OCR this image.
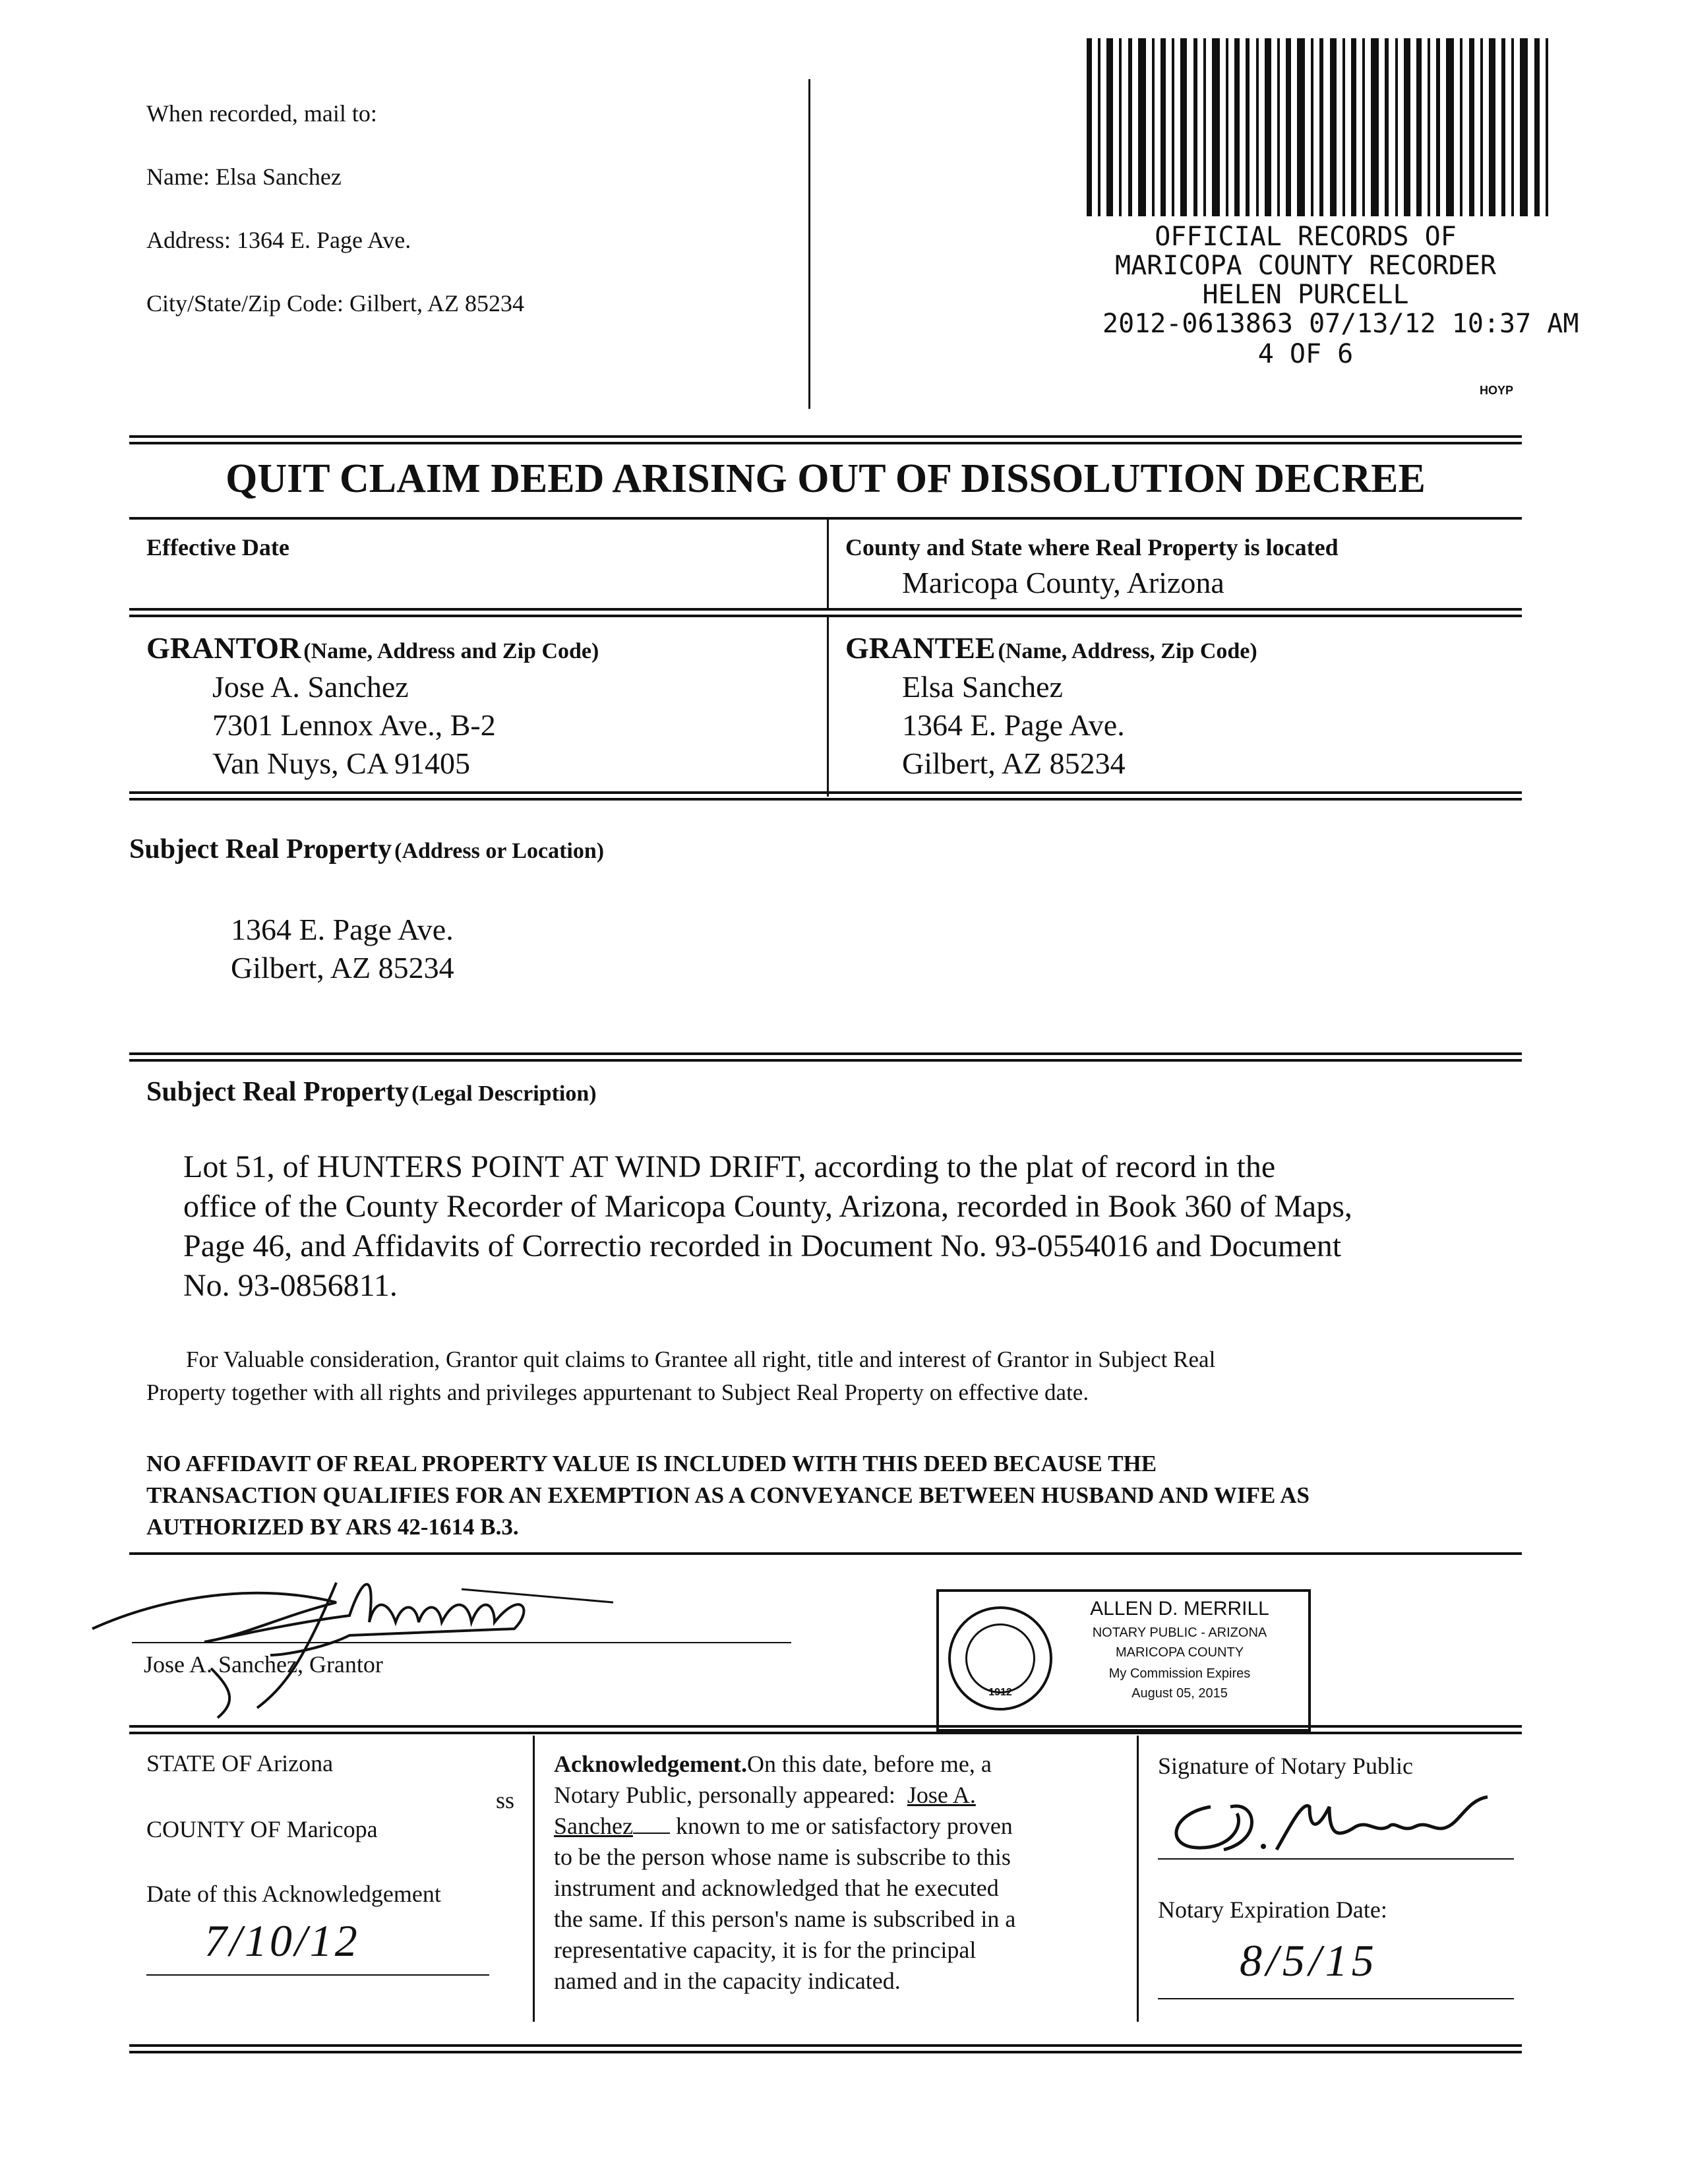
When recorded, mail to:
Name: Elsa Sanchez
Address: 1364 E. Page Ave.
City/State/Zip Code: Gilbert, AZ 85234
OFFICIAL RECORDS OF
MARICOPA COUNTY RECORDER
HELEN PURCELL
2012-0613863 07/13/12 10:37 AM
4 OF 6
HOYP
QUIT CLAIM DEED ARISING OUT OF DISSOLUTION DECREE
Effective Date	County and State where Real Property is located
Maricopa County, Arizona
GRANTOR (Name, Address and Zip Code)
Jose A. Sanchez
7301 Lennox Ave., B-2
Van Nuys, CA 91405
GRANTEE (Name, Address, Zip Code)
Elsa Sanchez
1364 E. Page Ave.
Gilbert, AZ 85234
Subject Real Property (Address or Location)
1364 E. Page Ave.
Gilbert, AZ 85234
Subject Real Property (Legal Description)
Lot 51, of HUNTERS POINT AT WIND DRIFT, according to the plat of record in the
office of the County Recorder of Maricopa County, Arizona, recorded in Book 360 of Maps,
Page 46, and Affidavits of Correctio recorded in Document No. 93-0554016 and Document
No. 93-0856811.
For Valuable consideration, Grantor quit claims to Grantee all right, title and interest of Grantor in Subject Real
Property together with all rights and privileges appurtenant to Subject Real Property on effective date.
NO AFFIDAVIT OF REAL PROPERTY VALUE IS INCLUDED WITH THIS DEED BECAUSE THE
TRANSACTION QUALIFIES FOR AN EXEMPTION AS A CONVEYANCE BETWEEN HUSBAND AND WIFE AS
AUTHORIZED BY ARS 42-1614 B.3.
Jose A. Sanchez, Grantor
1912
ALLEN D. MERRILL
NOTARY PUBLIC - ARIZONA
MARICOPA COUNTY
My Commission Expires
August 05, 2015
STATE OF Arizona
ss
COUNTY OF Maricopa
Date of this Acknowledgement
7/10/12
Acknowledgement.On this date, before me, a
Notary Public, personally appeared: Jose A.
Sanchez known to me or satisfactory proven
to be the person whose name is subscribe to this
instrument and acknowledged that he executed
the same. If this person's name is subscribed in a
representative capacity, it is for the principal
named and in the capacity indicated.
Signature of Notary Public
Notary Expiration Date:
8/5/15
